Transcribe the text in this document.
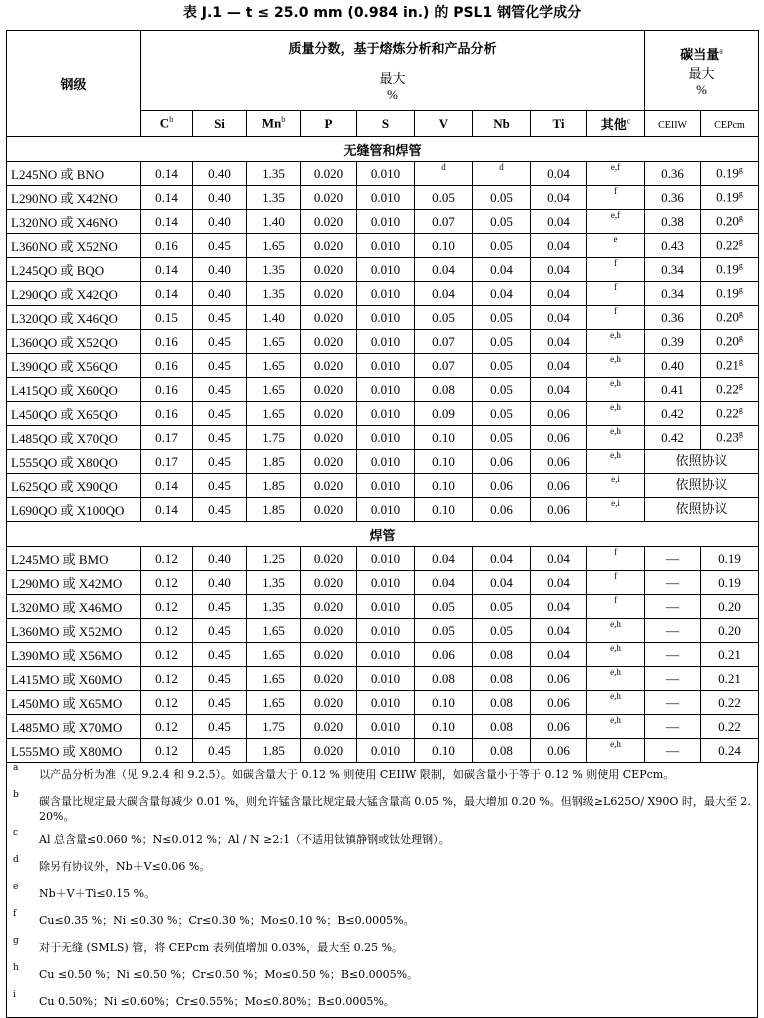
表 J.1 — t ≤ 25.0 mm (0.984 in.) 的 PSL1 钢管化学成分
钢级	质量分数，基于熔炼分析和产品分析
最大
%									碳当量$^a$
最大
%	
	$C^b$	Si	Mn$^b$	P	S	V	Nb	Ti	其他$^c$	CEIIW	CEPcm
无缝管和焊管											
L245NO 或 BNO	0.14	0.40	1.35	0.020	0.010	d	d	0.04	e,f	0.36	0.19$^g$
L290NO 或 X42NO	0.14	0.40	1.35	0.020	0.010	0.05	0.05	0.04	f	0.36	0.19$^g$
L320NO 或 X46NO	0.14	0.40	1.40	0.020	0.010	0.07	0.05	0.04	e,f	0.38	0.20$^g$
L360NO 或 X52NO	0.16	0.45	1.65	0.020	0.010	0.10	0.05	0.04	e	0.43	0.22$^g$
L245QO 或 BQO	0.14	0.40	1.35	0.020	0.010	0.04	0.04	0.04	f	0.34	0.19$^g$
L290QO 或 X42QO	0.14	0.40	1.35	0.020	0.010	0.04	0.04	0.04	f	0.34	0.19$^g$
L320QO 或 X46QO	0.15	0.45	1.40	0.020	0.010	0.05	0.05	0.04	f	0.36	0.20$^g$
L360QO 或 X52QO	0.16	0.45	1.65	0.020	0.010	0.07	0.05	0.04	e,h	0.39	0.20$^g$
L390QO 或 X56QO	0.16	0.45	1.65	0.020	0.010	0.07	0.05	0.04	e,h	0.40	0.21$^g$
L415QO 或 X60QO	0.16	0.45	1.65	0.020	0.010	0.08	0.05	0.04	e,h	0.41	0.22$^g$
L450QO 或 X65QO	0.16	0.45	1.65	0.020	0.010	0.09	0.05	0.06	e,h	0.42	0.22$^g$
L485QO 或 X70QO	0.17	0.45	1.75	0.020	0.010	0.10	0.05	0.06	e,h	0.42	0.23$^g$
L555QO 或 X80QO	0.17	0.45	1.85	0.020	0.010	0.10	0.06	0.06	e,h	依照协议	
L625QO 或 X90QO	0.14	0.45	1.85	0.020	0.010	0.10	0.06	0.06	e,i	依照协议	
L690QO 或 X100QO	0.14	0.45	1.85	0.020	0.010	0.10	0.06	0.06	e,i	依照协议	
焊管											
L245MO 或 BMO	0.12	0.40	1.25	0.020	0.010	0.04	0.04	0.04	f	—	0.19
L290MO 或 X42MO	0.12	0.40	1.35	0.020	0.010	0.04	0.04	0.04	f	—	0.19
L320MO 或 X46MO	0.12	0.45	1.35	0.020	0.010	0.05	0.05	0.04	f	—	0.20
L360MO 或 X52MO	0.12	0.45	1.65	0.020	0.010	0.05	0.05	0.04	e,h	—	0.20
L390MO 或 X56MO	0.12	0.45	1.65	0.020	0.010	0.06	0.08	0.04	e,h	—	0.21
L415MO 或 X60MO	0.12	0.45	1.65	0.020	0.010	0.08	0.08	0.06	e,h	—	0.21
L450MO 或 X65MO	0.12	0.45	1.65	0.020	0.010	0.10	0.08	0.06	e,h	—	0.22
L485MO 或 X70MO	0.12	0.45	1.75	0.020	0.010	0.10	0.08	0.06	e,h	—	0.22
L555MO 或 X80MO	0.12	0.45	1.85	0.020	0.010	0.10	0.08	0.06	e,h	—	0.24
a 以产品分析为准（见 9.2.4 和 9.2.5）。如碳含量大于 0.12 % 则使用 CEIIW 限制，如碳含量小于等于 0.12 % 则使用 CEPcm。
b 碳含量比规定最大碳含量每减少 0.01 %，则允许锰含量比规定最大锰含量高 0.05 %，最大增加 0.20 %。但钢级≥L625O/ X90O 时，最大至 2. 20%。
c Al 总含量≤0.060 %；N≤0.012 %；Al / N ≥2:1（不适用钛镇静钢或钛处理钢）。
d 除另有协议外，Nb＋V≤0.06 %。
e Nb＋V＋Ti≤0.15 %。
f Cu≤0.35 %；Ni ≤0.30 %；Cr≤0.30 %；Mo≤0.10 %；B≤0.0005%。
g 对于无缝 (SMLS) 管，将 CEPcm 表列值增加 0.03%，最大至 0.25 %。
h Cu ≤0.50 %；Ni ≤0.50 %；Cr≤0.50 %；Mo≤0.50 %；B≤0.0005%。
i Cu 0.50%；Ni ≤0.60%；Cr≤0.55%；Mo≤0.80%；B≤0.0005%。
